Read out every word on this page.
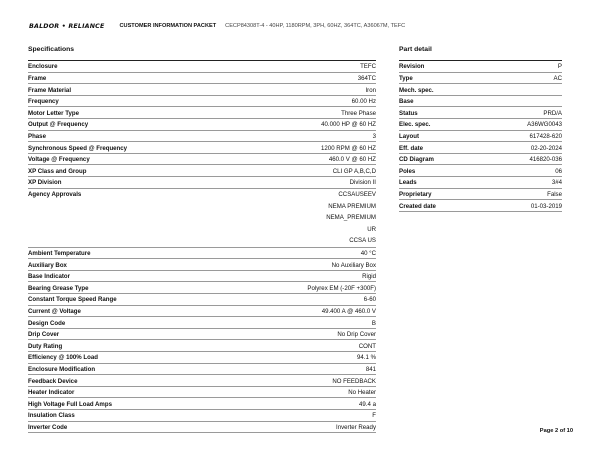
BALDOR • RELIANCE	CUSTOMER INFORMATION PACKET CECP84308T-4 - 40HP, 1180RPM, 3PH, 60HZ, 364TC, A36067M, TEFC
Specifications	Part detail
Enclosure	TEFC
Frame	364TC
Frame Material	Iron
Frequency	60.00 Hz
Motor Letter Type	Three Phase
Output @ Frequency	40.000 HP @ 60 HZ
Phase	3
Synchronous Speed @ Frequency	1200 RPM @ 60 HZ
Voltage @ Frequency	460.0 V @ 60 HZ
XP Class and Group	CLI GP A,B,C,D
XP Division	Division II
Agency Approvals	CCSAUSEEV
NEMA PREMIUM
NEMA_PREMIUM
UR
CCSA US
Ambient Temperature	40 °C
Auxiliary Box	No Auxiliary Box
Base Indicator	Rigid
Bearing Grease Type	Polyrex EM (-20F +300F)
Constant Torque Speed Range	6-60
Current @ Voltage	49.400 A @ 460.0 V
Design Code	B
Drip Cover	No Drip Cover
Duty Rating	CONT
Efficiency @ 100% Load	94.1 %
Enclosure Modification	841
Feedback Device	NO FEEDBACK
Heater Indicator	No Heater
High Voltage Full Load Amps	49.4 a
Insulation Class	F
Inverter Code	Inverter Ready
Revision	P
Type	AC
Mech. spec.
Base
Status	PRD/A
Elec. spec.	A36WG0043
Layout	617428-620
Eff. date	02-20-2024
CD Diagram	416820-036
Poles	06
Leads	3#4
Proprietary	False
Created date	01-03-2019
Page 2 of 10
